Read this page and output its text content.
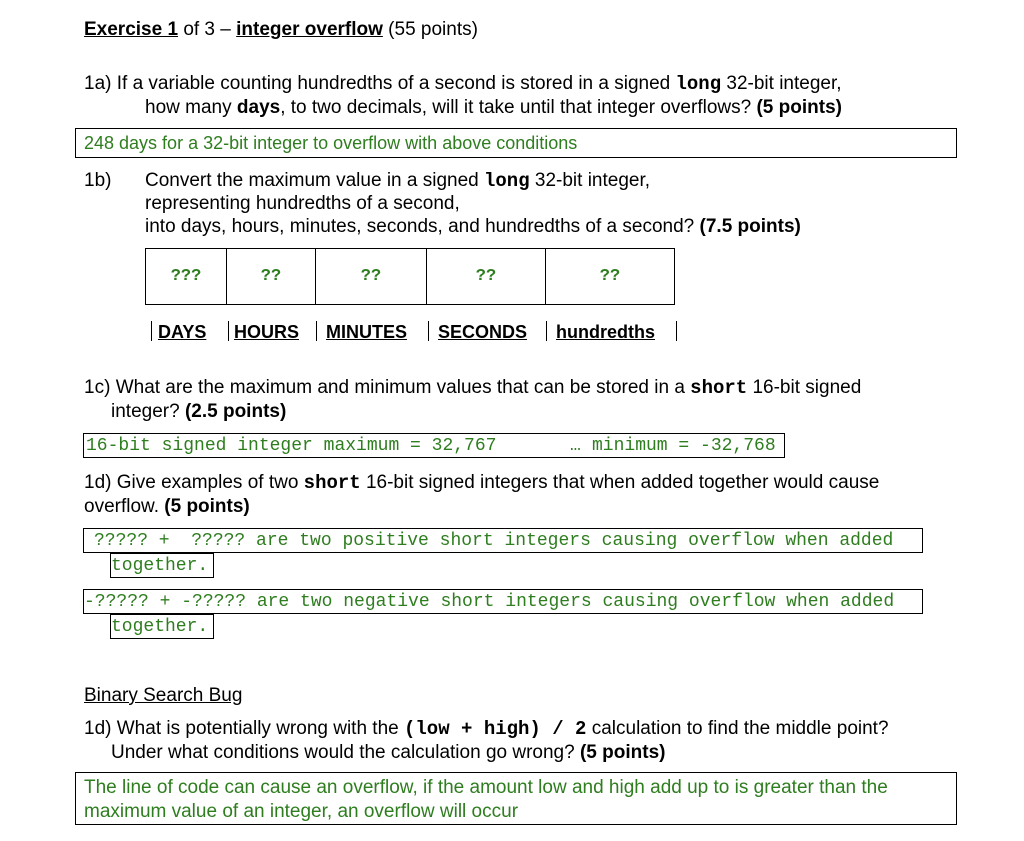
Exercise 1 of 3 – integer overflow (55 points)
1a) If a variable counting hundredths of a second is stored in a signed long 32-bit integer,
how many days, to two decimals, will it take until that integer overflows? (5 points)
248 days for a 32-bit integer to overflow with above conditions
1b) Convert the maximum value in a signed long 32-bit integer,
representing hundredths of a second,
into days, hours, minutes, seconds, and hundredths of a second? (7.5 points)
???	??	??	??	??
DAYS HOURS MINUTES SECONDS hundredths
1c) What are the maximum and minimum values that can be stored in a short 16-bit signed
integer? (2.5 points)
16-bit signed integer maximum = 32,767	… minimum = -32,768
1d) Give examples of two short 16-bit signed integers that when added together would cause
overflow. (5 points)
????? +  ????? are two positive short integers causing overflow when added
together.
-????? + -????? are two negative short integers causing overflow when added
together.
Binary Search Bug
1d) What is potentially wrong with the (low + high) / 2 calculation to find the middle point?
Under what conditions would the calculation go wrong? (5 points)
The line of code can cause an overflow, if the amount low and high add up to is greater than the
maximum value of an integer, an overflow will occur
